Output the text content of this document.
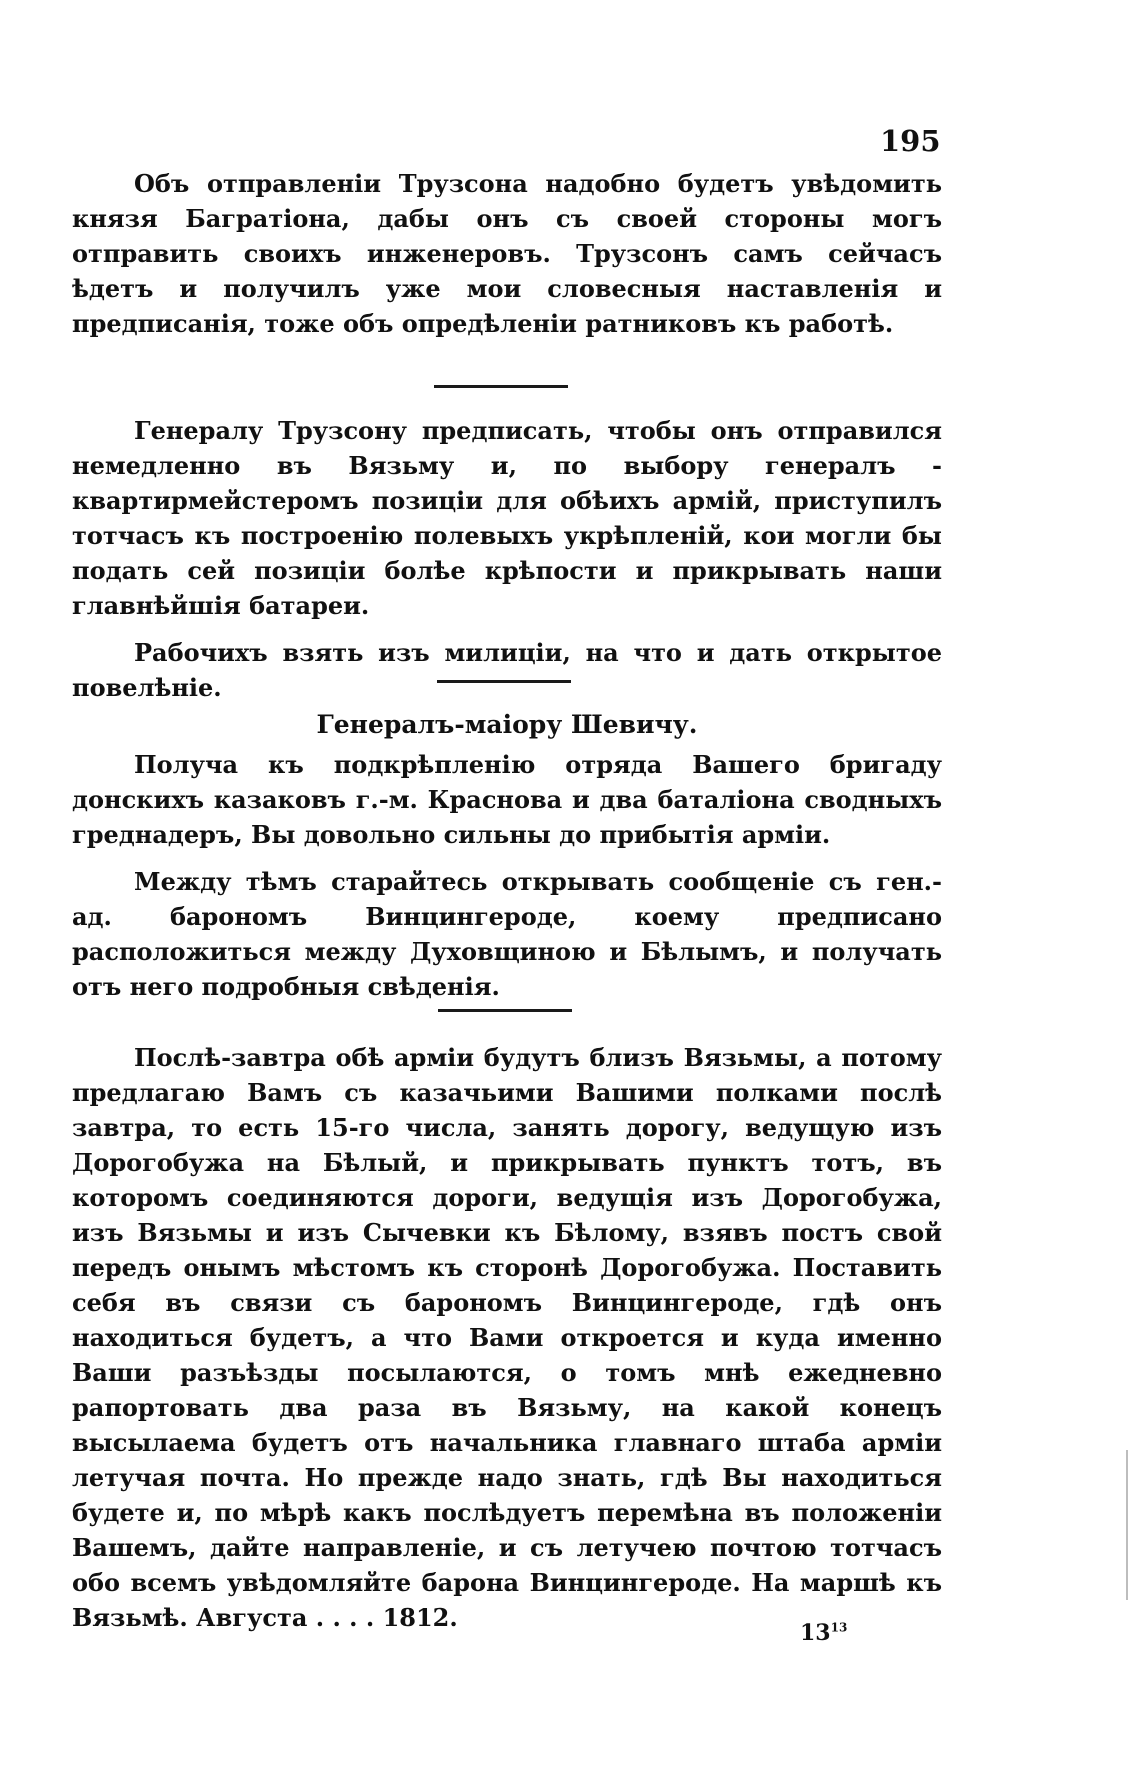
195

Объ отправленіи Трузсона надобно будетъ увѣдомить князя Багратіона, дабы онъ съ своей стороны могъ отправить своихъ инженеровъ. Трузсонъ самъ сейчасъ ѣдетъ и получилъ уже мои словесныя наставленія и предписанія, тоже объ опредѣленіи ратниковъ къ работѣ.

Генералу Трузсону предписать, чтобы онъ отправился немедленно въ Вязьму и, по выбору генералъ - квартирмейстеромъ позиціи для обѣихъ армій, приступилъ тотчасъ къ построенію полевыхъ укрѣпленій, кои могли бы подать сей позиціи болѣе крѣпости и прикрывать наши главнѣйшія батареи.

Рабочихъ взять изъ милиціи, на что и дать открытое повелѣніе.

Генералъ-маіору Шевичу.

Получа къ подкрѣпленію отряда Вашего бригаду донскихъ казаковъ г.-м. Краснова и два баталіона сводныхъ греднадеръ, Вы довольно сильны до прибытія арміи.

Между тѣмъ старайтесь открывать сообщеніе съ ген.-ад. барономъ Винцингероде, коему предписано расположиться между Духовщиною и Бѣлымъ, и получать отъ него подробныя свѣденія.

Послѣ-завтра обѣ арміи будутъ близъ Вязьмы, а потому предлагаю Вамъ съ казачьими Вашими полками послѣ завтра, то есть 15-го числа, занять дорогу, ведущую изъ Дорогобужа на Бѣлый, и прикрывать пунктъ тотъ, въ которомъ соединяются дороги, ведущія изъ Дорогобужа, изъ Вязьмы и изъ Сычевки къ Бѣлому, взявъ постъ свой передъ онымъ мѣстомъ къ сторонѣ Дорогобужа. Поставить себя въ связи съ барономъ Винцингероде, гдѣ онъ находиться будетъ, а что Вами откроется и куда именно Ваши разъѣзды посылаются, о томъ мнѣ ежедневно рапортовать два раза въ Вязьму, на какой конецъ высылаема будетъ отъ начальника главнаго штаба арміи летучая почта. Но прежде надо знать, гдѣ Вы находиться будете и, по мѣрѣ какъ послѣдуетъ перемѣна въ положеніи Вашемъ, дайте направленіе, и съ летучею почтою тотчасъ обо всемъ увѣдомляйте барона Винцингероде. На маршѣ къ Вязьмѣ. Августа . . . . 1812.

$13^{13}$
